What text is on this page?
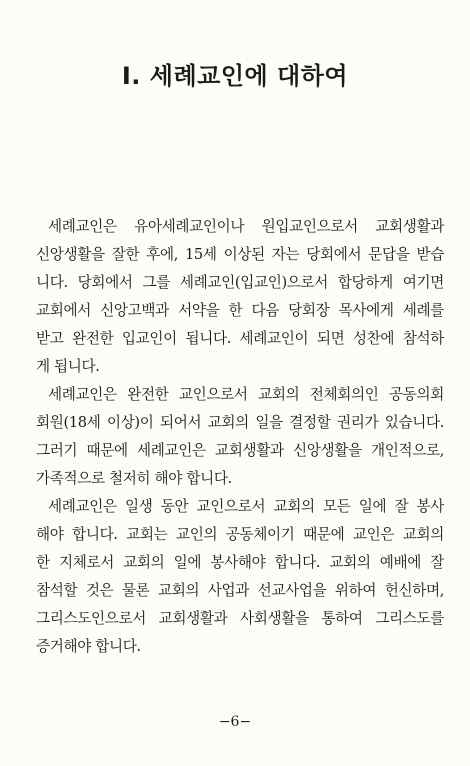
I. 세례교인에 대하여
세례교인은 유아세례교인이나 원입교인으로서 교회생활과
신앙생활을 잘한 후에, 15세 이상된 자는 당회에서 문답을 받습
니다. 당회에서 그를 세례교인(입교인)으로서 합당하게 여기면
교회에서 신앙고백과 서약을 한 다음 당회장 목사에게 세례를
받고 완전한 입교인이 됩니다. 세례교인이 되면 성찬에 참석하
게 됩니다.
세례교인은 완전한 교인으로서 교회의 전체회의인 공동의회
회원(18세 이상)이 되어서 교회의 일을 결정할 권리가 있습니다.
그러기 때문에 세례교인은 교회생활과 신앙생활을 개인적으로,
가족적으로 철저히 해야 합니다.
세례교인은 일생 동안 교인으로서 교회의 모든 일에 잘 봉사
해야 합니다. 교회는 교인의 공동체이기 때문에 교인은 교회의
한 지체로서 교회의 일에 봉사해야 합니다. 교회의 예배에 잘
참석할 것은 물론 교회의 사업과 선교사업을 위하여 헌신하며,
그리스도인으로서 교회생활과 사회생활을 통하여 그리스도를
증거해야 합니다.
−6−
